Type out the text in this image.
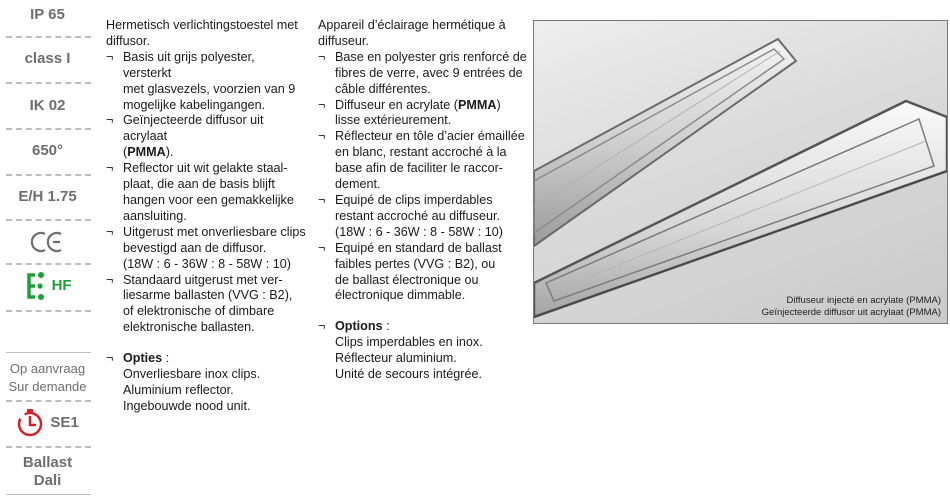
IP 65
class I
IK 02
650°
E/H 1.75
HF
Op aanvraag
Sur demande
SE1
Ballast
Dali

Hermetisch verlichtingstoestel met

diffusor.

¬ Basis uit grijs polyester, versterkt

met glasvezels, voorzien van 9

mogelijke kabelingangen.

¬ Geïnjecteerde diffusor uit acrylaat

(PMMA).

¬ Reflector uit wit gelakte staal-

plaat, die aan de basis blijft

hangen voor een gemakkelijke

aansluiting.

¬ Uitgerust met onverliesbare clips

bevestigd aan de diffusor.

(18W : 6 - 36W : 8 - 58W : 10)

¬ Standaard uitgerust met ver-

liesarme ballasten (VVG : B2),

of elektronische of dimbare

elektronische ballasten.

¬ Opties :

Onverliesbare inox clips.

Aluminium reflector.

Ingebouwde nood unit.

Appareil d’éclairage hermétique à

diffuseur.

¬ Base en polyester gris renforcé de

fibres de verre, avec 9 entrées de

câble différentes.

¬ Diffuseur en acrylate (PMMA)

lisse extérieurement.

¬ Réflecteur en tôle d’acier émaillée

en blanc, restant accroché à la

base afin de faciliter le raccor-

dement.

¬ Equipé de clips imperdables

restant accroché au diffuseur.

(18W : 6 - 36W : 8 - 58W : 10)

¬ Equipé en standard de ballast

faibles pertes (VVG : B2), ou

de ballast électronique ou

électronique dimmable.

¬ Options :

Clips imperdables en inox.

Réflecteur aluminium.

Unité de secours intégrée.

Diffuseur injecté en acrylate (PMMA)
Geïnjecteerde diffusor uit acrylaat (PMMA)
